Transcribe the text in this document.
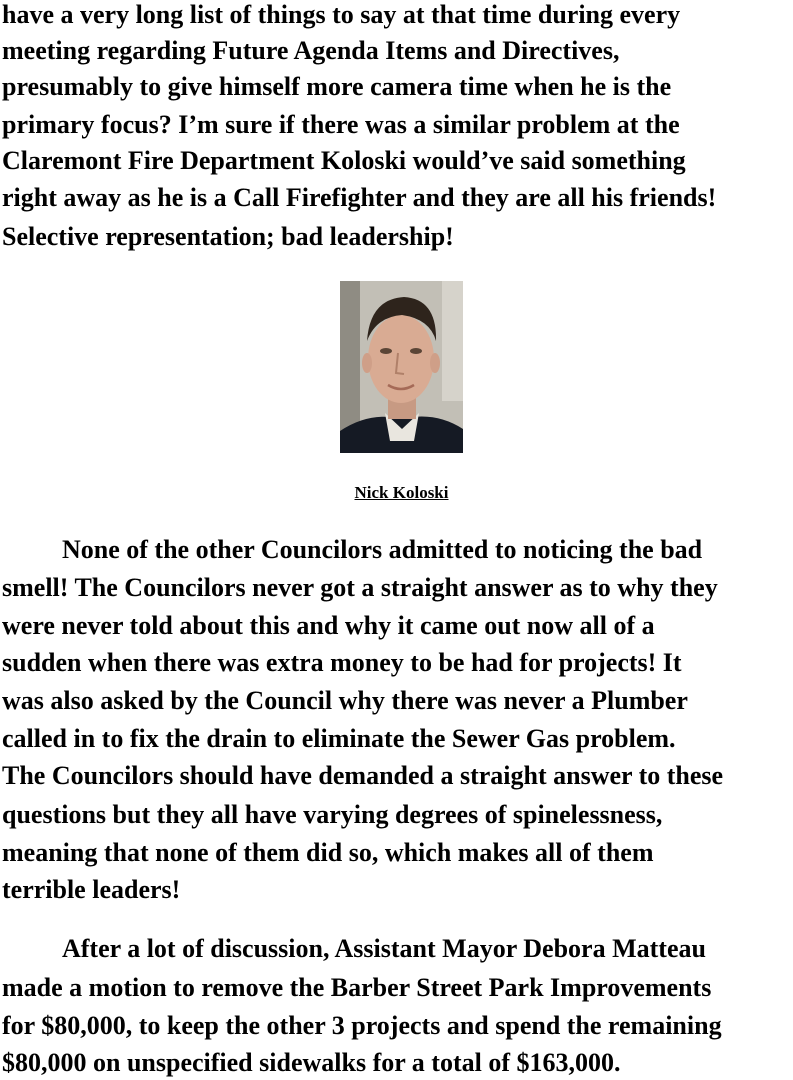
have a very long list of things to say at that time during every
meeting regarding Future Agenda Items and Directives,
presumably to give himself more camera time when he is the
primary focus? I’m sure if there was a similar problem at the
Claremont Fire Department Koloski would’ve said something
right away as he is a Call Firefighter and they are all his friends!
Selective representation; bad leadership!
Nick Koloski
None of the other Councilors admitted to noticing the bad
smell! The Councilors never got a straight answer as to why they
were never told about this and why it came out now all of a
sudden when there was extra money to be had for projects! It
was also asked by the Council why there was never a Plumber
called in to fix the drain to eliminate the Sewer Gas problem.
The Councilors should have demanded a straight answer to these
questions but they all have varying degrees of spinelessness,
meaning that none of them did so, which makes all of them
terrible leaders!
After a lot of discussion, Assistant Mayor Debora Matteau
made a motion to remove the Barber Street Park Improvements
for $80,000, to keep the other 3 projects and spend the remaining
$80,000 on unspecified sidewalks for a total of $163,000.
